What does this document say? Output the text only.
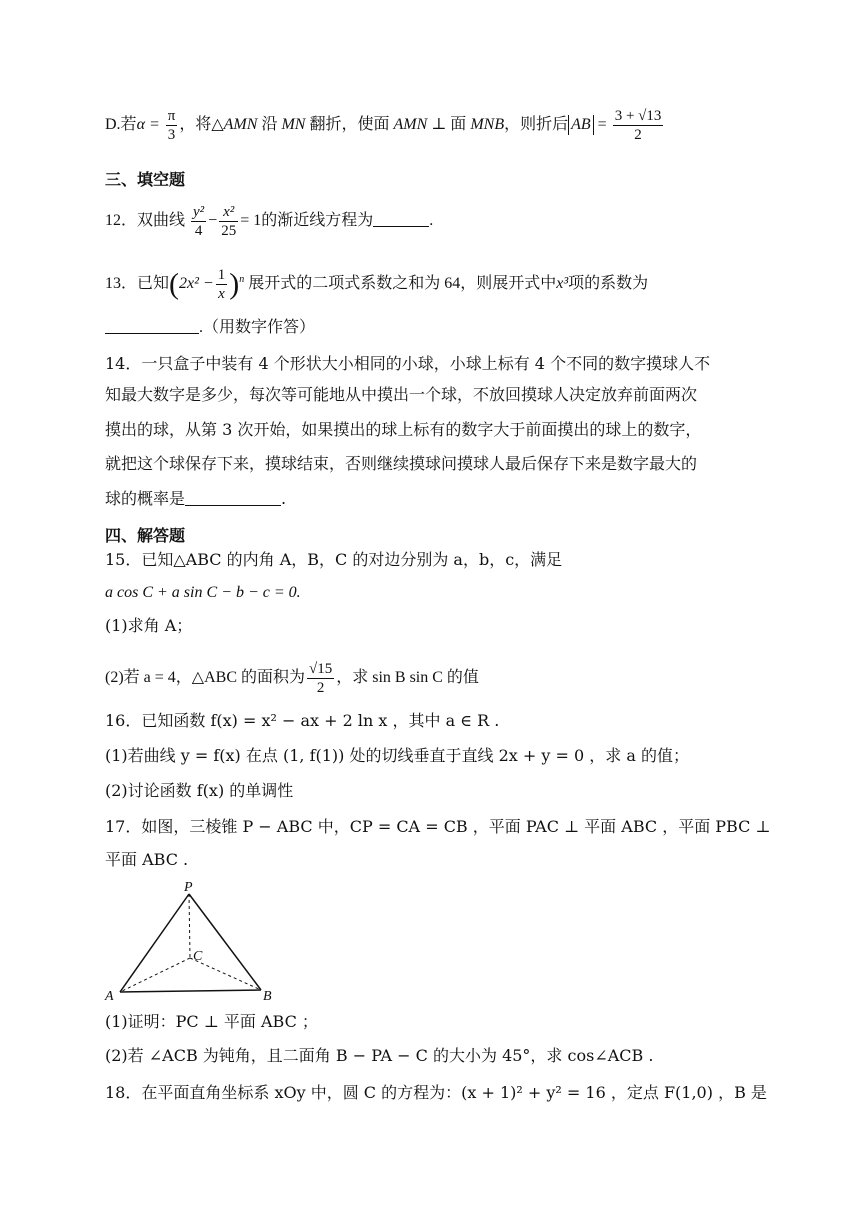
D.若$\alpha = \frac{\pi}{3}$ ，将△AMN 沿 MN 翻折，使面 AMN ⊥ 面 MNB，则折后 AB = $\frac{3 + √13}{2}$
三、填空题
12．双曲线 $\frac{\text{y²}}{4} - \frac{\text{x²}}{25} = 1$的渐近线方程为	.
13．已知$(2x^2 - \frac{1}{x} )^n$ 展开式的二项式系数之和为 64，则展开式中x³项的系数为
.（用数字作答）
14．一只盒子中装有 4 个形状大小相同的小球，小球上标有 4 个不同的数字摸球人不
知最大数字是多少，每次等可能地从中摸出一个球，不放回摸球人决定放弃前面两次
摸出的球，从第 3 次开始，如果摸出的球上标有的数字大于前面摸出的球上的数字，
就把这个球保存下来，摸球结束，否则继续摸球问摸球人最后保存下来是数字最大的
球的概率是	.
四、解答题
15．已知△ABC 的内角 A，B，C 的对边分别为 a，b，c，满足
a cos C + a sin C − b − c = 0.
(1)求角 A；
(2)若 a = 4，△ABC 的面积为 $\frac{√15}{2}$ ，求 sin B sin C 的值
16．已知函数 f(x) = x² − ax + 2 ln x ，其中 a ∈ R .
(1)若曲线 y = f(x) 在点 (1, f(1)) 处的切线垂直于直线 2x + y = 0 ，求 a 的值；
(2)讨论函数 f(x) 的单调性
17．如图，三棱锥 P − ABC 中，CP = CA = CB ，平面 PAC ⊥ 平面 ABC ，平面 PBC ⊥
平面 ABC .
P
C
A	B
(1)证明：PC ⊥ 平面 ABC ；
(2)若 ∠ACB 为钝角，且二面角 B − PA − C 的大小为 45°，求 cos∠ACB .
18．在平面直角坐标系 xOy 中，圆 C 的方程为：(x + 1)² + y² = 16 ，定点 F(1,0) ，B 是
